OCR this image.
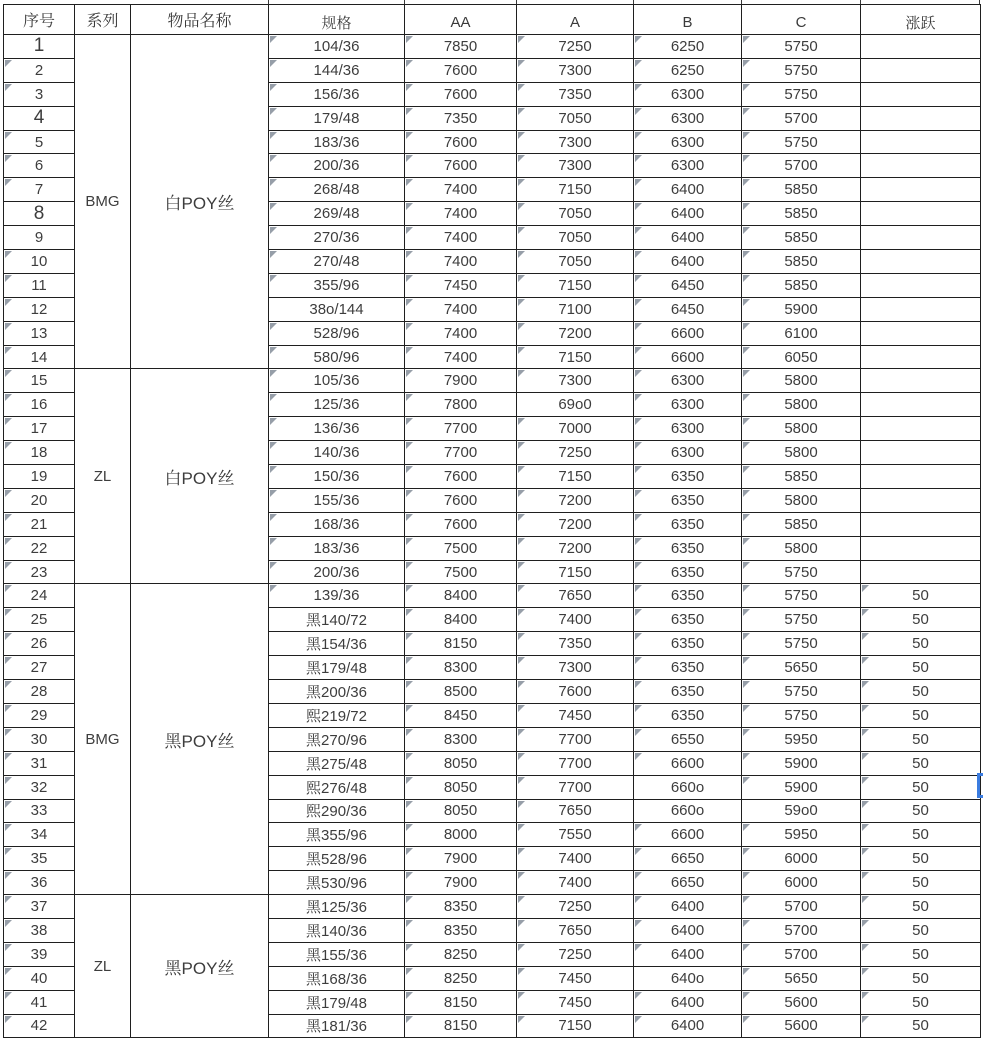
序号	系列	物品名称	规格	AA	A	B	C	涨跃
1	BMG	白POY丝	104/36	7850	7250	6250	5750	

2			144/36	7600	7300	6250	5750	

3			156/36	7600	7350	6300	5750	
4			179/48	7350	7050	6300	5700	

5			183/36	7600	7300	6300	5750	

6			200/36	7600	7300	6300	5700	

7			268/48	7400	7150	6400	5850	
8			269/48	7400	7050	6400	5850	
9			270/36	7400	7050	6400	5850	

10			270/48	7400	7050	6400	5850	

11			355/96	7450	7150	6450	5850	

12			38o/144	7400	7100	6450	5900	

13			528/96	7400	7200	6600	6100	

14			580/96	7400	7150	6600	6050	

15	ZL	白POY丝	105/36	7900	7300	6300	5800	

16			125/36	7800	69o0	6300	5800	

17			136/36	7700	7000	6300	5800	

18			140/36	7700	7250	6300	5800	
19			150/36	7600	7150	6350	5850	

20			155/36	7600	7200	6350	5800	

21			168/36	7600	7200	6350	5850	

22			183/36	7500	7200	6350	5800	

23			200/36	7500	7150	6350	5750	

24	BMG	黑POY丝	139/36	8400	7650	6350	5750	50

25			黑140/72	8400	7400	6350	5750	50

26			黑154/36	8150	7350	6350	5750	50

27			黑179/48	8300	7300	6350	5650	50

28			黑200/36	8500	7600	6350	5750	50

29			熙219/72	8450	7450	6350	5750	50

30			黑270/96	8300	7700	6550	5950	50

31			黑275/48	8050	7700	6600	5900	50

32			熙276/48	8050	7700	660o	5900	50

33			熙290/36	8050	7650	660o	59o0	50

34			黑355/96	8000	7550	6600	5950	50

35			黑528/96	7900	7400	6650	6000	50

36			黑530/96	7900	7400	6650	6000	50

37	ZL	黑POY丝	黑125/36	8350	7250	6400	5700	50

38			黑140/36	8350	7650	6400	5700	50

39			黑155/36	8250	7250	6400	5700	50

40			黑168/36	8250	7450	640o	5650	50

41			黑179/48	8150	7450	6400	5600	50

42			黑181/36	8150	7150	6400	5600	50
